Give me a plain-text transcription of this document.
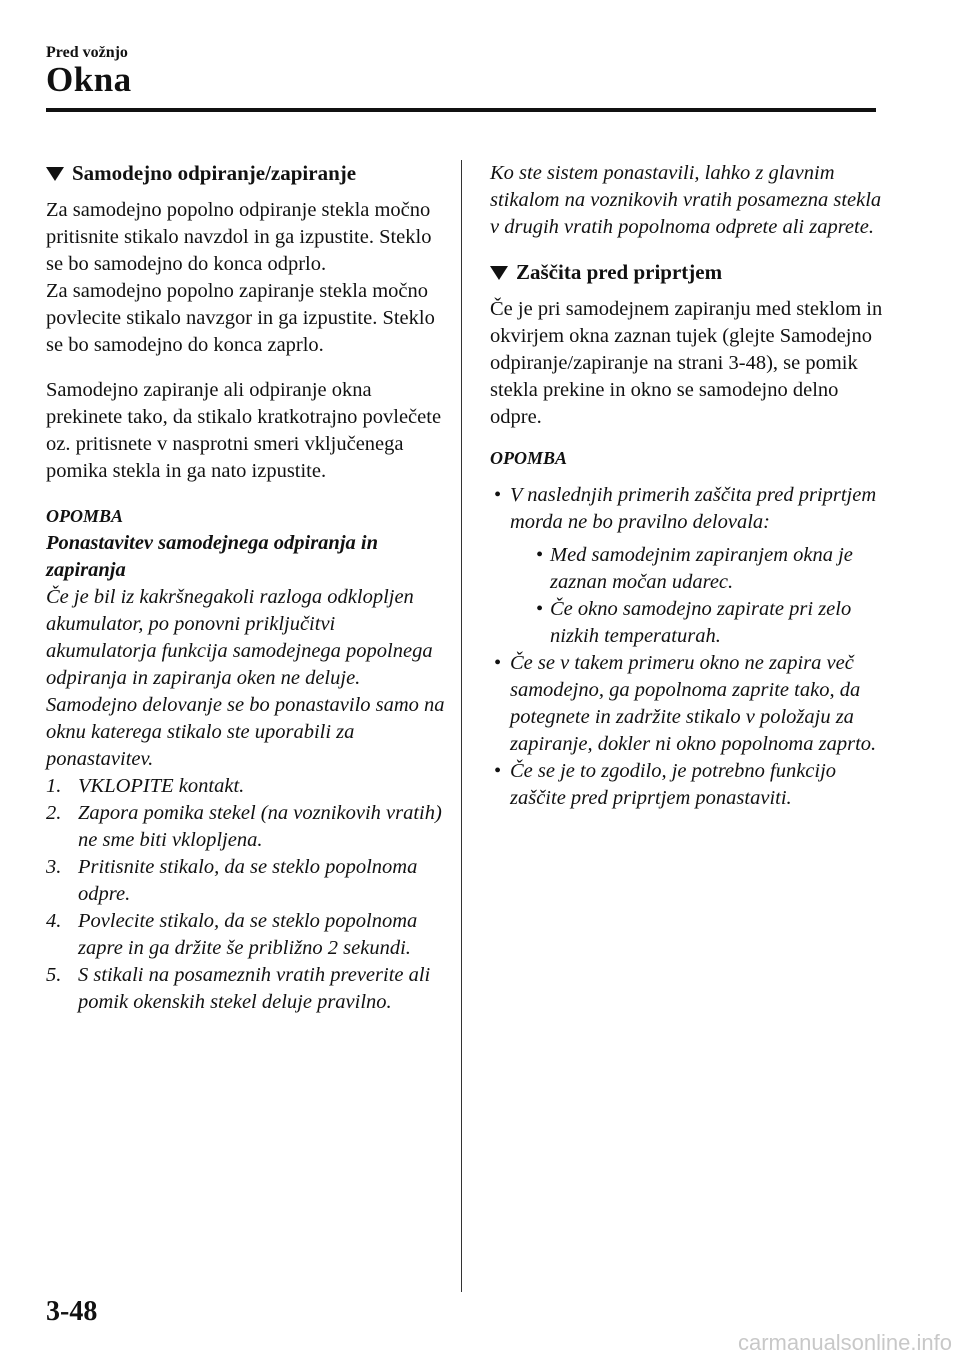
Pred vožnjo
Okna
Samodejno odpiranje/zapiranje

Za samodejno popolno odpiranje stekla močno pritisnite stikalo navzdol in ga izpustite. Steklo se bo samodejno do konca odprlo.

Za samodejno popolno zapiranje stekla močno povlecite stikalo navzgor in ga izpustite. Steklo se bo samodejno do konca zaprlo.

Samodejno zapiranje ali odpiranje okna prekinete tako, da stikalo kratkotrajno povlečete oz. pritisnete v nasprotni smeri vključenega pomika stekla in ga nato izpustite.

OPOMBA
Ponastavitev samodejnega odpiranja in zapiranja

Če je bil iz kakršnegakoli razloga odklopljen akumulator, po ponovni priključitvi akumulatorja funkcija samodejnega popolnega odpiranja in zapiranja oken ne deluje.

Samodejno delovanje se bo ponastavilo samo na oknu katerega stikalo ste uporabili za ponastavitev.

1. VKLOPITE kontakt.
2. Zapora pomika stekel (na voznikovih vratih) ne sme biti vklopljena.
3. Pritisnite stikalo, da se steklo popolnoma odpre.
4. Povlecite stikalo, da se steklo popolnoma zapre in ga držite še približno 2 sekundi.
5. S stikali na posameznih vratih preverite ali pomik okenskih stekel deluje pravilno.

Ko ste sistem ponastavili, lahko z glavnim stikalom na voznikovih vratih posamezna stekla v drugih vratih popolnoma odprete ali zaprete.

Zaščita pred priprtjem

Če je pri samodejnem zapiranju med steklom in okvirjem okna zaznan tujek (glejte Samodejno odpiranje/zapiranje na strani 3-48), se pomik stekla prekine in okno se samodejno delno odpre.

OPOMBA
• V naslednjih primerih zaščita pred priprtjem morda ne bo pravilno delovala:
• Med samodejnim zapiranjem okna je zaznan močan udarec.
• Če okno samodejno zapirate pri zelo nizkih temperaturah.
• Če se v takem primeru okno ne zapira več samodejno, ga popolnoma zaprite tako, da potegnete in zadržite stikalo v položaju za zapiranje, dokler ni okno popolnoma zaprto.
• Če se je to zgodilo, je potrebno funkcijo zaščite pred priprtjem ponastaviti.
3-48
carmanualsonline.info
